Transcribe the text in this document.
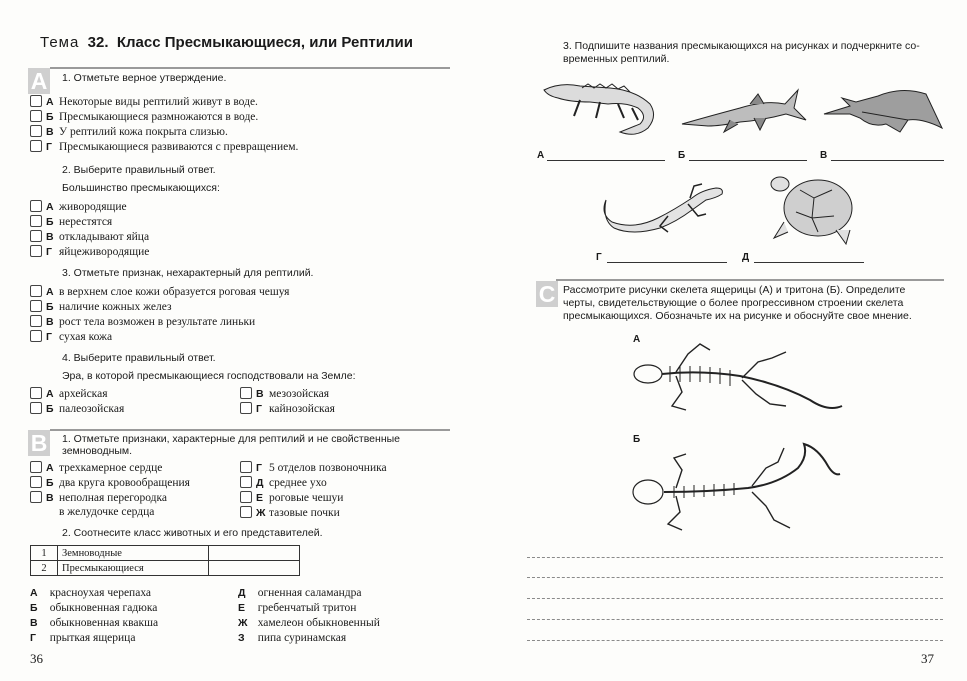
Тема 32. Класс Пресмыкающиеся, или Рептилии
А 1. Отметьте верное утверждение.
А Некоторые виды рептилий живут в воде.
Б Пресмыкающиеся размножаются в воде.
В У рептилий кожа покрыта слизью.
Г Пресмыкающиеся развиваются с превращением.
2. Выберите правильный ответ.
Большинство пресмыкающихся:
А живородящие
Б нерестятся
В откладывают яйца
Г яйцеживородящие
3. Отметьте признак, нехарактерный для рептилий.
А в верхнем слое кожи образуется роговая чешуя
Б наличие кожных желез
В рост тела возможен в результате линьки
Г сухая кожа
4. Выберите правильный ответ.
Эра, в которой пресмыкающиеся господствовали на Земле:
А архейская
Б палеозойская
В мезозойская
Г кайнозойская
В 1. Отметьте признаки, характерные для рептилий и не свойственные
земноводным.
А трехкамерное сердце
Б два круга кровообращения
В неполная перегородка
в желудочке сердца
Г 5 отделов позвоночника
Д среднее ухо
Е роговые чешуи
Ж тазовые почки
2. Соотнесите класс животных и его представителей.
1	Земноводные	
2	Пресмыкающиеся	
А красноухая черепаха
Б обыкновенная гадюка
В обыкновенная квакша
Г прыткая ящерица
Д огненная саламандра
Е гребенчатый тритон
Ж хамелеон обыкновенный
З пипа суринамская
36
3. Подпишите названия пресмыкающихся на рисунках и подчеркните со-
временных рептилий.
А	Б	В
Г	Д
С Рассмотрите рисунки скелета ящерицы (А) и тритона (Б). Определите
черты, свидетельствующие о более прогрессивном строении скелета
пресмыкающихся. Обозначьте их на рисунке и обоснуйте свое мнение.
А
Б
37
